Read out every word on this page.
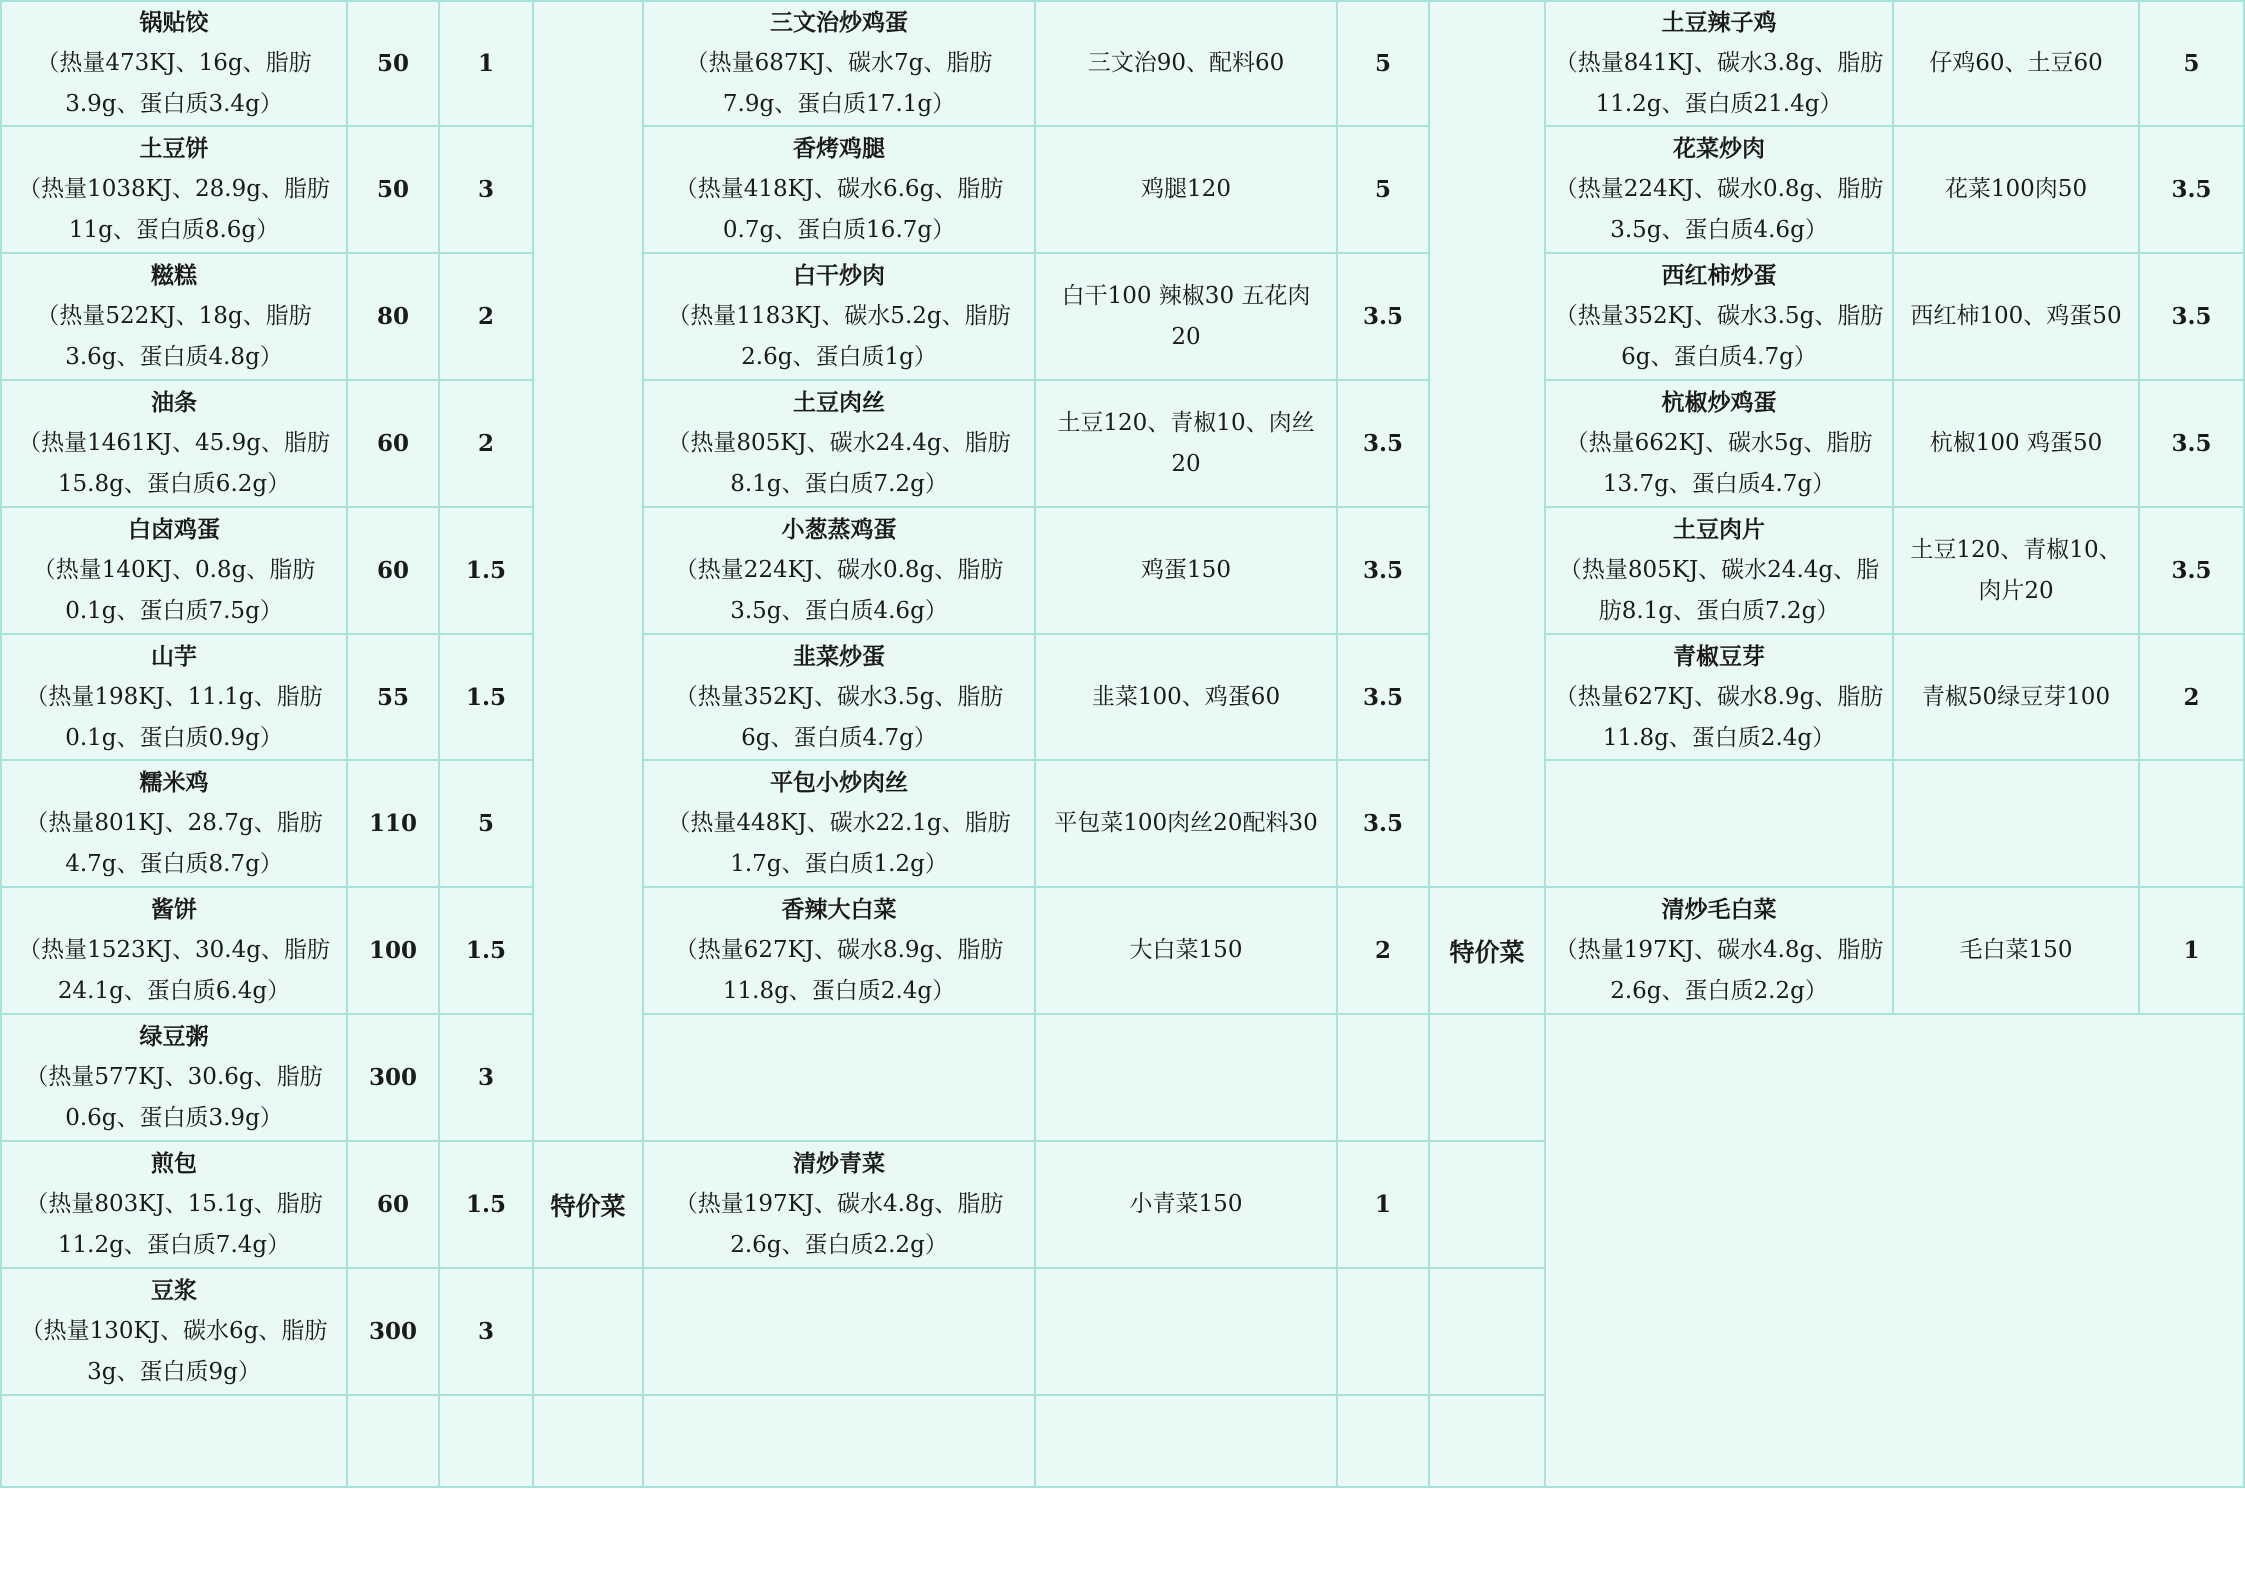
锅贴饺
（热量473KJ、16g、脂肪3.9g、蛋白质3.4g）
50	1
土豆饼
（热量1038KJ、28.9g、脂肪11g、蛋白质8.6g）
50	3
糍糕
（热量522KJ、18g、脂肪3.6g、蛋白质4.8g）
80	2
油条
（热量1461KJ、45.9g、脂肪15.8g、蛋白质6.2g）
60	2
白卤鸡蛋
（热量140KJ、0.8g、脂肪0.1g、蛋白质7.5g）
60 1.5
山芋
（热量198KJ、11.1g、脂肪0.1g、蛋白质0.9g）
55 1.5
糯米鸡
（热量801KJ、28.7g、脂肪4.7g、蛋白质8.7g）
110	5
酱饼
（热量1523KJ、30.4g、脂肪24.1g、蛋白质6.4g）
100 1.5
绿豆粥
（热量577KJ、30.6g、脂肪0.6g、蛋白质3.9g）
300	3
煎包
（热量803KJ、15.1g、脂肪11.2g、蛋白质7.4g）
60 1.5
豆浆
（热量130KJ、碳水6g、脂肪3g、蛋白质9g）
300	3
特价菜
三文治炒鸡蛋
（热量687KJ、碳水7g、脂肪7.9g、蛋白质17.1g）
三文治90、配料60	5
香烤鸡腿
（热量418KJ、碳水6.6g、脂肪0.7g、蛋白质16.7g）
鸡腿120	5
白干炒肉
（热量1183KJ、碳水5.2g、脂肪2.6g、蛋白质1g）
白干100 辣椒30 五花肉20
3.5
土豆肉丝
（热量805KJ、碳水24.4g、脂肪8.1g、蛋白质7.2g）
土豆120、青椒10、肉丝20
3.5
小葱蒸鸡蛋
（热量224KJ、碳水0.8g、脂肪3.5g、蛋白质4.6g）
鸡蛋150	3.5
韭菜炒蛋
（热量352KJ、碳水3.5g、脂肪6g、蛋白质4.7g）
韭菜100、鸡蛋60	3.5
平包小炒肉丝
（热量448KJ、碳水22.1g、脂肪1.7g、蛋白质1.2g）
平包菜100肉丝20配料30	3.5
香辣大白菜
（热量627KJ、碳水8.9g、脂肪11.8g、蛋白质2.4g）
大白菜150	2
清炒青菜
（热量197KJ、碳水4.8g、脂肪2.6g、蛋白质2.2g）
小青菜150	1
特价菜
土豆辣子鸡
（热量841KJ、碳水3.8g、脂肪11.2g、蛋白质21.4g）
仔鸡60、土豆60	5
花菜炒肉
（热量224KJ、碳水0.8g、脂肪3.5g、蛋白质4.6g）
花菜100肉50	3.5
西红柿炒蛋
（热量352KJ、碳水3.5g、脂肪6g、蛋白质4.7g）
西红柿100、鸡蛋50	3.5
杭椒炒鸡蛋
（热量662KJ、碳水5g、脂肪13.7g、蛋白质4.7g）
杭椒100 鸡蛋50	3.5
土豆肉片
（热量805KJ、碳水24.4g、脂肪8.1g、蛋白质7.2g）
土豆120、青椒10、肉片20
3.5
青椒豆芽
（热量627KJ、碳水8.9g、脂肪11.8g、蛋白质2.4g）
青椒50绿豆芽100	2
清炒毛白菜
（热量197KJ、碳水4.8g、脂肪2.6g、蛋白质2.2g）
毛白菜150	1
